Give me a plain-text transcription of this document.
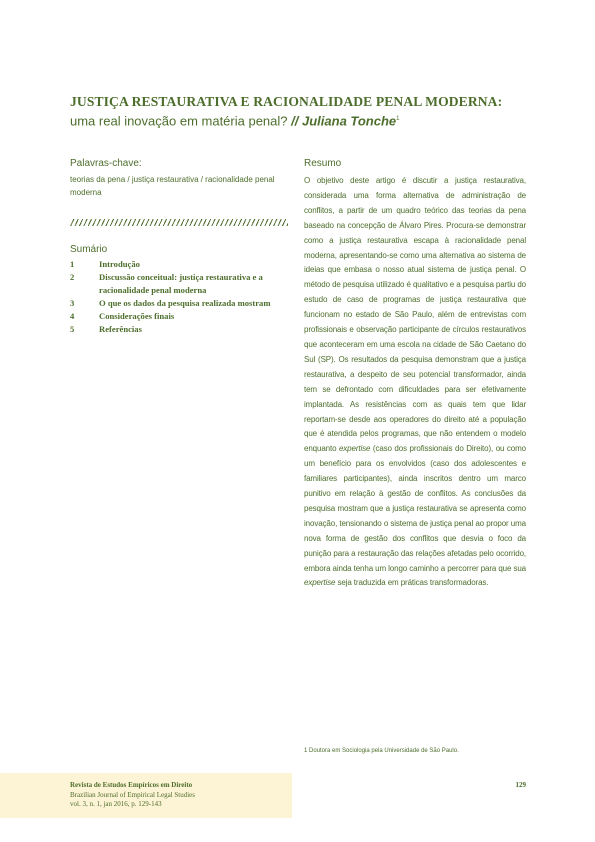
JUSTIÇA RESTAURATIVA E RACIONALIDADE PENAL MODERNA:
uma real inovação em matéria penal? // Juliana Tonche$^1$
Palavras-chave:
teorias da pena / justiça restaurativa / racionalidade penal moderna
Sumário
1	Introdução
2	Discussão conceitual: justiça restaurativa e a racionalidade penal moderna
3	O que os dados da pesquisa realizada mostram
4	Considerações finais
5	Referências
Resumo

O objetivo deste artigo é discutir a justiça restaurativa, considerada uma forma alternativa de administração de conflitos, a partir de um quadro teórico das teorias da pena baseado na concepção de Álvaro Pires. Procura-se demonstrar como a justiça restaurativa escapa à racionalidade penal moderna, apresentando-se como uma alternativa ao sistema de ideias que embasa o nosso atual sistema de justiça penal. O método de pesquisa utilizado é qualitativo e a pesquisa partiu do estudo de caso de programas de justiça restaurativa que funcionam no estado de São Paulo, além de entrevistas com profissionais e observação participante de círculos restaurativos que aconteceram em uma escola na cidade de São Caetano do Sul (SP). Os resultados da pesquisa demonstram que a justiça restaurativa, a despeito de seu potencial transformador, ainda tem se defrontado com dificuldades para ser efetivamente implantada. As resistências com as quais tem que lidar reportam-se desde aos operadores do direito até a população que é atendida pelos programas, que não entendem o modelo enquanto expertise (caso dos profissionais do Direito), ou como um benefício para os envolvidos (caso dos adolescentes e familiares participantes), ainda inscritos dentro um marco punitivo em relação à gestão de conflitos. As conclusões da pesquisa mostram que a justiça restaurativa se apresenta como inovação, tensionando o sistema de justiça penal ao propor uma nova forma de gestão dos conflitos que desvia o foco da punição para a restauração das relações afetadas pelo ocorrido, embora ainda tenha um longo caminho a percorrer para que sua expertise seja traduzida em práticas transformadoras.

1 Doutora em Sociologia pela Universidade de São Paulo.
Revista de Estudos Empíricos em Direito
Brazilian Journal of Empirical Legal Studies
vol. 3, n. 1, jan 2016, p. 129-143
129
